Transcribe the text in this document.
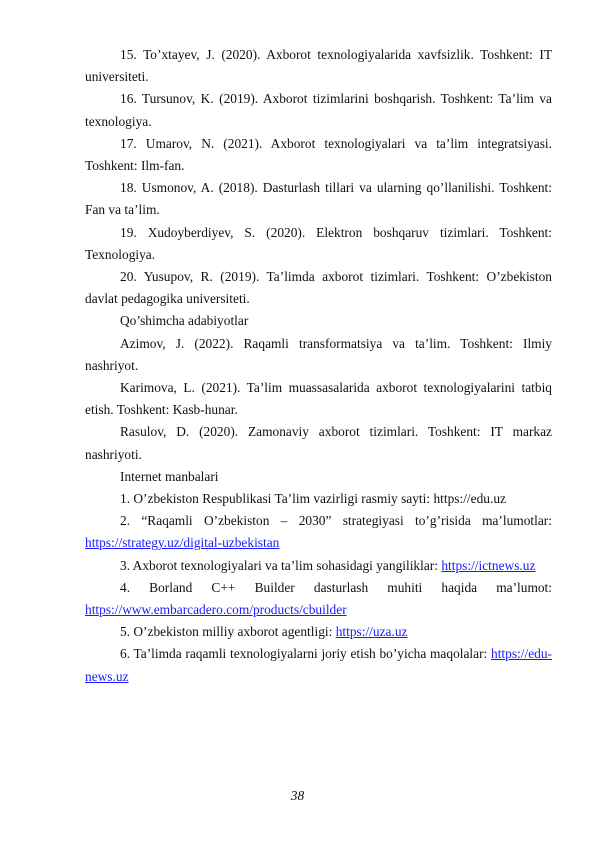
15. To’xtayev, J. (2020). Axborot texnologiyalarida xavfsizlik. Toshkent: IT universiteti.

16. Tursunov, K. (2019). Axborot tizimlarini boshqarish. Toshkent: Ta’lim va texnologiya.

17. Umarov, N. (2021). Axborot texnologiyalari va ta’lim integratsiyasi. Toshkent: Ilm-fan.

18. Usmonov, A. (2018). Dasturlash tillari va ularning qo’llanilishi. Toshkent: Fan va ta’lim.

19. Xudoyberdiyev, S. (2020). Elektron boshqaruv tizimlari. Toshkent: Texnologiya.

20. Yusupov, R. (2019). Ta’limda axborot tizimlari. Toshkent: O’zbekiston davlat pedagogika universiteti.

Qo’shimcha adabiyotlar

Azimov, J. (2022). Raqamli transformatsiya va ta’lim. Toshkent: Ilmiy nashriyot.

Karimova, L. (2021). Ta’lim muassasalarida axborot texnologiyalarini tatbiq etish. Toshkent: Kasb-hunar.

Rasulov, D. (2020). Zamonaviy axborot tizimlari. Toshkent: IT markaz nashriyoti.

Internet manbalari

1. O’zbekiston Respublikasi Ta’lim vazirligi rasmiy sayti: https://edu.uz

2. “Raqamli O’zbekiston – 2030” strategiyasi to’g’risida ma’lumotlar: https://strategy.uz/digital-uzbekistan

3. Axborot texnologiyalari va ta’lim sohasidagi yangiliklar: https://ictnews.uz

4. Borland C++ Builder dasturlash muhiti haqida ma’lumot: https://www.embarcadero.com/products/cbuilder

5. O’zbekiston milliy axborot agentligi: https://uza.uz

6. Ta’limda raqamli texnologiyalarni joriy etish bo’yicha maqolalar: https://edu-news.uz

38
